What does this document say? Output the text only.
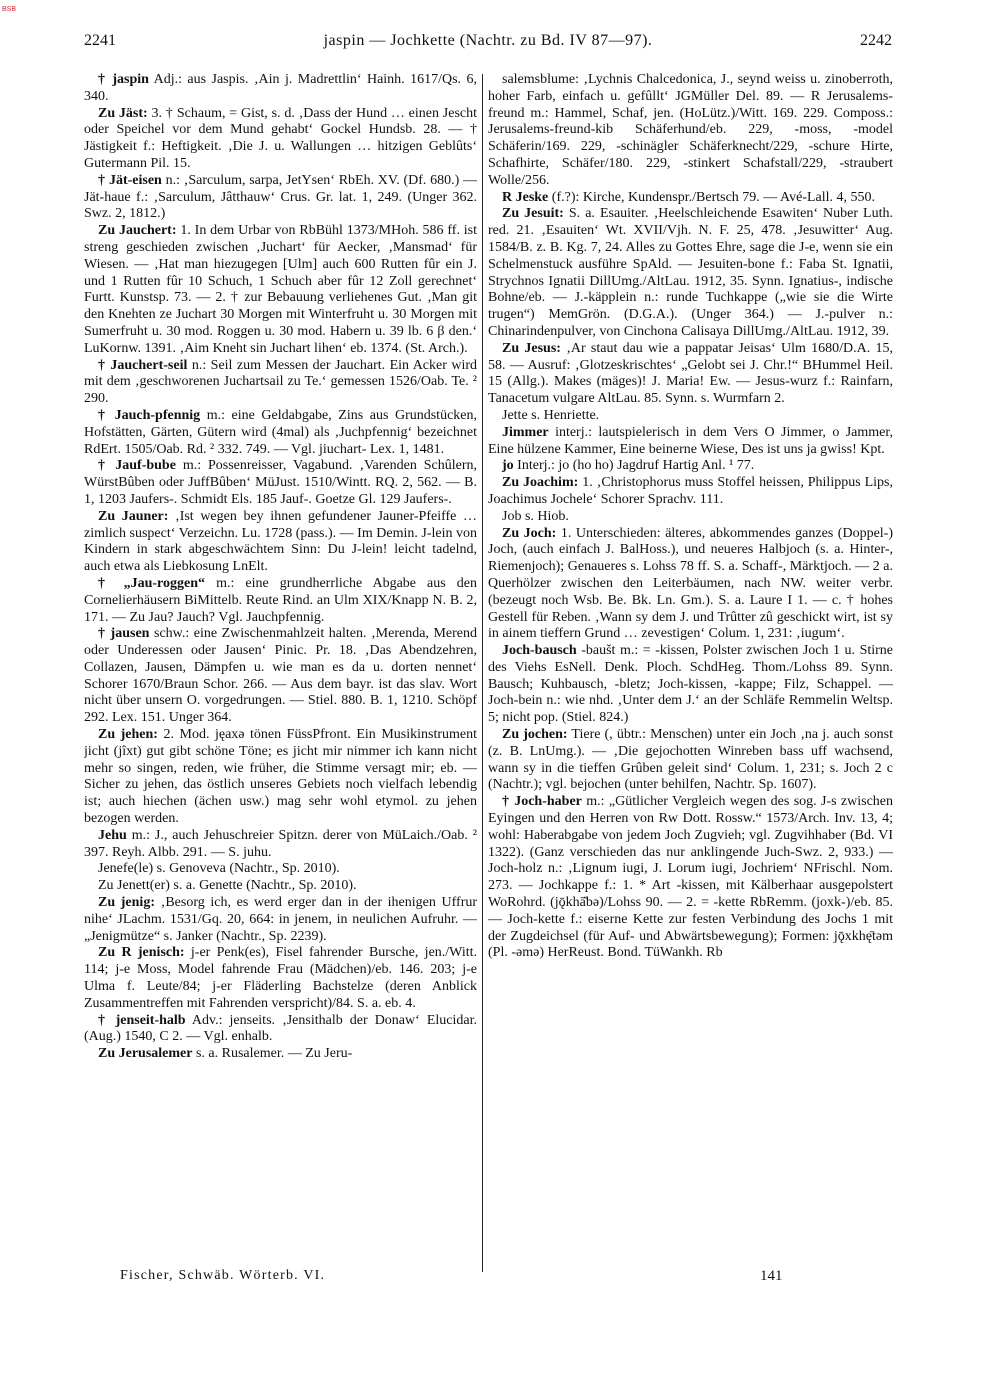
BSB
2241	jaspin — Jochkette (Nachtr. zu Bd. IV 87—97).	2242

† jaspin Adj.: aus Jaspis. ‚Ain j. Madrettlin‘ Hainh. 1617/Qs. 6, 340.

Zu Jäst: 3. † Schaum, = Gist, s. d. ‚Dass der Hund … einen Jescht oder Speichel vor dem Mund gehabt‘ Gockel Hundsb. 28. — † Jästigkeit f.: Heftigkeit. ‚Die J. u. Wallungen … hitzigen Geblûts‘ Gutermann Pil. 15.

† Jät-eisen n.: ‚Sarculum, sarpa, JetYsen‘ RbEh. XV. (Df. 680.) — Jät-haue f.: ‚Sarculum, Jâtthauw‘ Crus. Gr. lat. 1, 249. (Unger 362. Swz. 2, 1812.)

Zu Jauchert: 1. In dem Urbar von RbBühl 1373/MHoh. 586 ff. ist streng geschieden zwischen ‚Juchart‘ für Aecker, ‚Mansmad‘ für Wiesen. — ‚Hat man hiezugegen [Ulm] auch 600 Rutten fûr ein J. und 1 Rutten fûr 10 Schuch, 1 Schuch aber fûr 12 Zoll gerechnet‘ Furtt. Kunstsp. 73. — 2. † zur Bebauung verliehenes Gut. ‚Man git den Knehten ze Juchart 30 Morgen mit Winterfruht u. 30 Morgen mit Sumerfruht u. 30 mod. Roggen u. 30 mod. Habern u. 39 lb. 6 β den.‘ LuKornw. 1391. ‚Aim Kneht sin Juchart lihen‘ eb. 1374. (St. Arch.).

† Jauchert-seil n.: Seil zum Messen der Jauchart. Ein Acker wird mit dem ‚geschworenen Juchartsail zu Te.‘ gemessen 1526/Oab. Te. ² 290.

† Jauch-pfennig m.: eine Geldabgabe, Zins aus Grundstücken, Hofstätten, Gärten, Gütern wird (4mal) als ‚Juchpfennig‘ bezeichnet RdErt. 1505/Oab. Rd. ² 332. 749. — Vgl. jiuchart- Lex. 1, 1481.

† Jauf-bube m.: Possenreisser, Vagabund. ‚Varenden Schûlern, WürstBûben oder JuffBûben‘ MüJust. 1510/Wintt. RQ. 2, 562. — B. 1, 1203 Jaufers-. Schmidt Els. 185 Jauf-. Goetze Gl. 129 Jaufers-.

Zu Jauner: ‚Ist wegen bey ihnen gefundener Jauner-Pfeiffe … zimlich suspect‘ Verzeichn. Lu. 1728 (pass.). — Im Demin. J-lein von Kindern in stark abgeschwächtem Sinn: Du J-lein! leicht tadelnd, auch etwa als Liebkosung LnElt.

† „Jau-roggen“ m.: eine grundherrliche Abgabe aus den Cornelierhäusern BiMittelb. Reute Rind. an Ulm XIX/Knapp N. B. 2, 171. — Zu Jau? Jauch? Vgl. Jauchpfennig.

† jausen schw.: eine Zwischenmahlzeit halten. ‚Merenda, Merend oder Underessen oder Jausen‘ Pinic. Pr. 18. ‚Das Abendzehren, Collazen, Jausen, Dämpfen u. wie man es da u. dorten nennet‘ Schorer 1670/Braun Schor. 266. — Aus dem bayr. ist das slav. Wort nicht über unsern O. vorgedrungen. — Stiel. 880. B. 1, 1210. Schöpf 292. Lex. 151. Unger 364.

Zu jehen: 2. Mod. jęaxə tönen FüssPfront. Ein Musikinstrument jicht (jîxt) gut gibt schöne Töne; es jicht mir nimmer ich kann nicht mehr so singen, reden, wie früher, die Stimme versagt mir; eb. — Sicher zu jehen, das östlich unseres Gebiets noch vielfach lebendig ist; auch hiechen (ächen usw.) mag sehr wohl etymol. zu jehen bezogen werden.

Jehu m.: J., auch Jehuschreier Spitzn. derer von MüLaich./Oab. ² 397. Reyh. Albb. 291. — S. juhu.

Jenefe(le) s. Genoveva (Nachtr., Sp. 2010).

Zu Jenett(er) s. a. Genette (Nachtr., Sp. 2010).

Zu jenig: ‚Besorg ich, es werd erger dan in der ihenigen Uffrur nihe‘ JLachm. 1531/Gq. 20, 664: in jenem, in neulichen Aufruhr. — „Jenigmütze“ s. Janker (Nachtr., Sp. 2239).

Zu R jenisch: j-er Penk(es), Fisel fahrender Bursche, jen./Witt. 114; j-e Moss, Model fahrende Frau (Mädchen)/eb. 146. 203; j-e Ulma f. Leute/84; j-er Fläderling Bachstelze (deren Anblick Zusammentreffen mit Fahrenden verspricht)/84. S. a. eb. 4.

† jenseit-halb Adv.: jenseits. ‚Jensithalb der Donaw‘ Elucidar. (Aug.) 1540, C 2. — Vgl. enhalb.

Zu Jerusalemer s. a. Rusalemer. — Zu Jeru-

salemsblume: ‚Lychnis Chalcedonica, J., seynd weiss u. zinoberroth, hoher Farb, einfach u. gefûllt‘ JGMüller Del. 89. — R Jerusalems-freund m.: Hammel, Schaf, jen. (HoLütz.)/Witt. 169. 229. Composs.: Jerusalems-freund-kib Schäferhund/eb. 229, -moss, -model Schäferin/169. 229, -schinägler Schäferknecht/229, -schure Hirte, Schafhirte, Schäfer/180. 229, -stinkert Schafstall/229, -straubert Wolle/256.

R Jeske (f.?): Kirche, Kundenspr./Bertsch 79. — Avé-Lall. 4, 550.

Zu Jesuit: S. a. Esauiter. ‚Heelschleichende Esawiten‘ Nuber Luth. red. 21. ‚Esauiten‘ Wt. XVII/Vjh. N. F. 25, 478. ‚Jesuwitter‘ Aug. 1584/B. z. B. Kg. 7, 24. Alles zu Gottes Ehre, sage die J-e, wenn sie ein Schelmenstuck ausführe SpAld. — Jesuiten-bone f.: Faba St. Ignatii, Strychnos Ignatii DillUmg./AltLau. 1912, 35. Synn. Ignatius-, indische Bohne/eb. — J.-käpplein n.: runde Tuchkappe („wie sie die Wirte trugen“) MemGrön. (D.G.A.). (Unger 364.) — J.-pulver n.: Chinarindenpulver, von Cinchona Calisaya DillUmg./AltLau. 1912, 39.

Zu Jesus: ‚Ar staut dau wie a pappatar Jeisas‘ Ulm 1680/D.A. 15, 58. — Ausruf: ‚Glotzeskrischtes‘ „Gelobt sei J. Chr.!“ BHummel Heil. 15 (Allg.). Makes (mäges)! J. Maria! Ew. — Jesus-wurz f.: Rainfarn, Tanacetum vulgare AltLau. 85. Synn. s. Wurmfarn 2.

Jette s. Henriette.

Jimmer interj.: lautspielerisch in dem Vers O Jimmer, o Jammer, Eine hülzene Kammer, Eine beinerne Wiese, Des ist uns ja gwiss! Kpt.

jo Interj.: jo (ho ho) Jagdruf Hartig Anl. ¹ 77.

Zu Joachim: 1. ‚Christophorus muss Stoffel heissen, Philippus Lips, Joachimus Jochele‘ Schorer Sprachv. 111.

Job s. Hiob.

Zu Joch: 1. Unterschieden: älteres, abkommendes ganzes (Doppel-) Joch, (auch einfach J. BalHoss.), und neueres Halbjoch (s. a. Hinter-, Riemenjoch); Genaueres s. Lohss 78 ff. S. a. Schaff-, Märktjoch. — 2 a. Querhölzer zwischen den Leiterbäumen, nach NW. weiter verbr. (bezeugt noch Wsb. Be. Bk. Ln. Gm.). S. a. Laure I 1. — c. † hohes Gestell für Reben. ‚Wann sy dem J. und Trûtter zû geschickt wirt, ist sy in ainem tieffern Grund … zevestigen‘ Colum. 1, 231: ‚iugum‘.

Joch-bausch -baušt m.: = -kissen, Polster zwischen Joch 1 u. Stirne des Viehs EsNell. Denk. Ploch. SchdHeg. Thom./Lohss 89. Synn. Bausch; Kuhbausch, -bletz; Joch-kissen, -kappe; Filz, Schappel. — Joch-bein n.: wie nhd. ‚Unter dem J.‘ an der Schläfe Remmelin Weltsp. 5; nicht pop. (Stiel. 824.)

Zu jochen: Tiere (, übtr.: Menschen) unter ein Joch ‚na j. auch sonst (z. B. LnUmg.). — ‚Die gejochotten Winreben bass uff wachsend, wann sy in die tieffen Grûben geleit sind‘ Colum. 1, 231; s. Joch 2 c (Nachtr.); vgl. bejochen (unter behilfen, Nachtr. Sp. 1607).

† Joch-haber m.: „Gütlicher Vergleich wegen des sog. J-s zwischen Eyingen und den Herren von Rw Dott. Rossw.“ 1573/Arch. Inv. 13, 4; wohl: Haberabgabe von jedem Joch Zugvieh; vgl. Zugvihhaber (Bd. VI 1322). (Ganz verschieden das nur anklingende Juch-Swz. 2, 933.) — Joch-holz n.: ‚Lignum iugi, J. Lorum iugi, Jochriem‘ NFrischl. Nom. 273. — Jochkappe f.: 1. * Art -kissen, mit Kälberhaar ausgepolstert WoRohrd. (jǭkhā̆bə)/Lohss 90. — 2. = -kette RbRemm. (joxk-)/eb. 85. — Joch-kette f.: eiserne Kette zur festen Verbindung des Jochs 1 mit der Zugdeichsel (für Auf- und Abwärtsbewegung); Formen: jǭxkhę̄təm (Pl. -əmə) HerReust. Bond. TüWankh. Rb

Fischer, Schwäb. Wörterb. VI.	141
